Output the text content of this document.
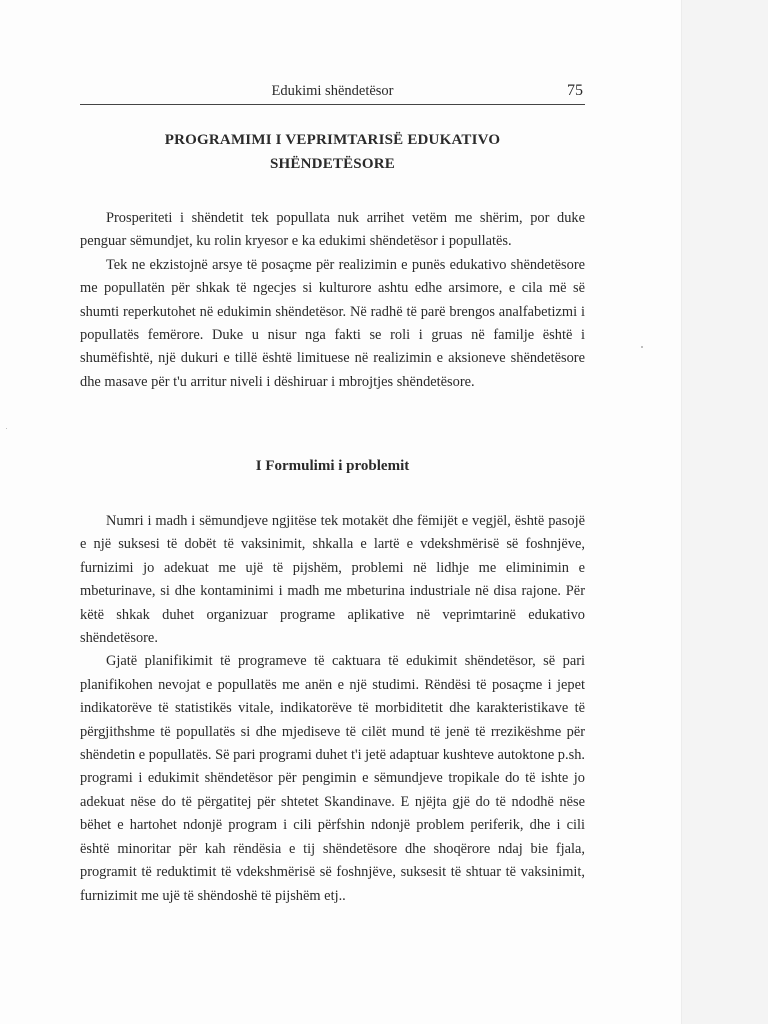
Edukimi shëndetësor	75
PROGRAMIMI I VEPRIMTARISË EDUKATIVO
SHËNDETËSORE

Prosperiteti i shëndetit tek popullata nuk arrihet vetëm me shërim, por duke penguar sëmundjet, ku rolin kryesor e ka edukimi shëndetësor i popullatës.

Tek ne ekzistojnë arsye të posaçme për realizimin e punës edukativo shëndetësore me popullatën për shkak të ngecjes si kulturore ashtu edhe arsimore, e cila më së shumti reperkutohet në edukimin shëndetësor. Në radhë të parë brengos analfabetizmi i popullatës femërore. Duke u nisur nga fakti se roli i gruas në familje është i shumëfishtë, një dukuri e tillë është limituese në realizimin e aksioneve shëndetësore dhe masave për t'u arritur niveli i dëshiruar i mbrojtjes shëndetësore.

I Formulimi i problemit

Numri i madh i sëmundjeve ngjitëse tek motakët dhe fëmijët e vegjël, është pasojë e një suksesi të dobët të vaksinimit, shkalla e lartë e vdekshmërisë së foshnjëve, furnizimi jo adekuat me ujë të pijshëm, problemi në lidhje me eliminimin e mbeturinave, si dhe kontaminimi i madh me mbeturina industriale në disa rajone. Për këtë shkak duhet organizuar programe aplikative në veprimtarinë edukativo shëndetësore.

Gjatë planifikimit të programeve të caktuara të edukimit shëndetësor, së pari planifikohen nevojat e popullatës me anën e një studimi. Rëndësi të posaçme i jepet indikatorëve të statistikës vitale, indikatorëve të morbiditetit dhe karakteristikave të përgjithshme të popullatës si dhe mjediseve të cilët mund të jenë të rrezikëshme për shëndetin e popullatës. Së pari programi duhet t'i jetë adaptuar kushteve autoktone p.sh. programi i edukimit shëndetësor për pengimin e sëmundjeve tropikale do të ishte jo adekuat nëse do të përgatitej për shtetet Skandinave. E njëjta gjë do të ndodhë nëse bëhet e hartohet ndonjë program i cili përfshin ndonjë problem periferik, dhe i cili është minoritar për kah rëndësia e tij shëndetësore dhe shoqërore ndaj bie fjala, programit të reduktimit të vdekshmërisë së foshnjëve, suksesit të shtuar të vaksinimit, furnizimit me ujë të shëndoshë të pijshëm etj..
